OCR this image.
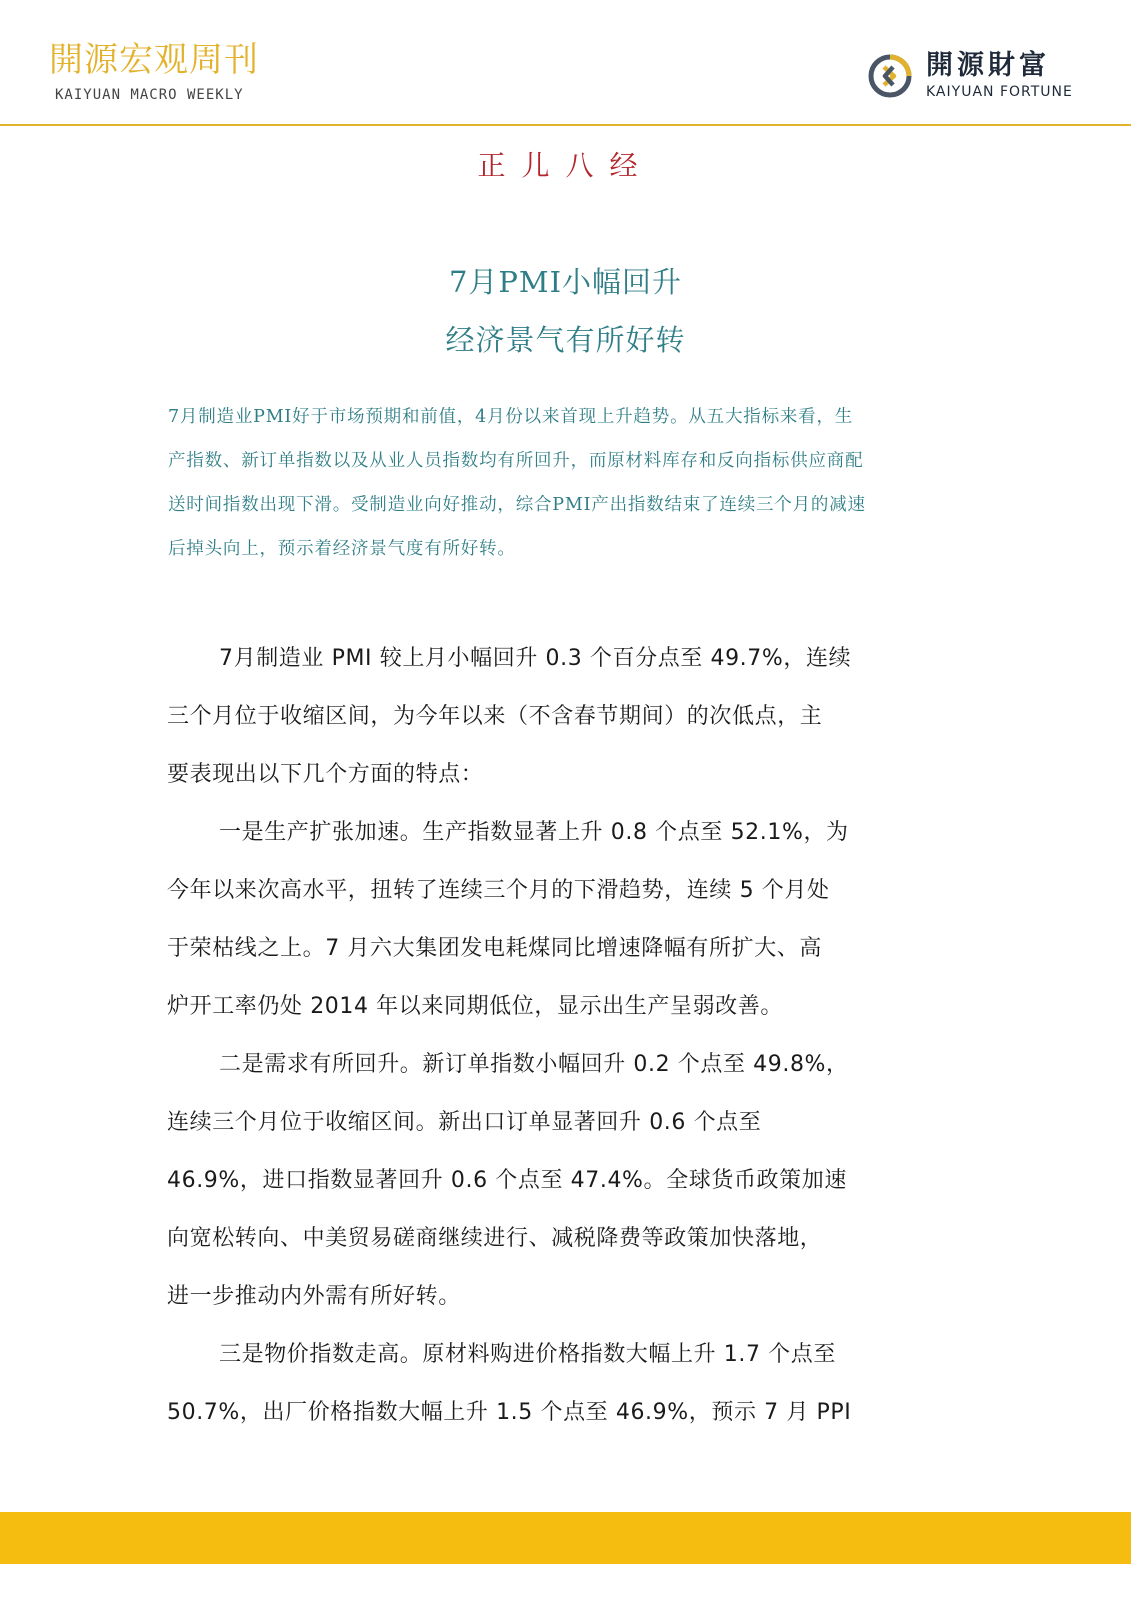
開源宏观周刊
KAIYUAN MACRO WEEKLY
開源財富
KAIYUAN FORTUNE
正儿八经
7月PMI小幅回升
经济景气有所好转
7月制造业PMI好于市场预期和前值，4月份以来首现上升趋势。从五大指标来看，生
产指数、新订单指数以及从业人员指数均有所回升，而原材料库存和反向指标供应商配
送时间指数出现下滑。受制造业向好推动，综合PMI产出指数结束了连续三个月的减速
后掉头向上，预示着经济景气度有所好转。
7月制造业 PMI 较上月小幅回升 0.3 个百分点至 49.7%，连续
三个月位于收缩区间，为今年以来（不含春节期间）的次低点，主
要表现出以下几个方面的特点：
一是生产扩张加速。生产指数显著上升 0.8 个点至 52.1%，为
今年以来次高水平，扭转了连续三个月的下滑趋势，连续 5 个月处
于荣枯线之上。7 月六大集团发电耗煤同比增速降幅有所扩大、高
炉开工率仍处 2014 年以来同期低位，显示出生产呈弱改善。
二是需求有所回升。新订单指数小幅回升 0.2 个点至 49.8%，
连续三个月位于收缩区间。新出口订单显著回升 0.6 个点至
46.9%，进口指数显著回升 0.6 个点至 47.4%。全球货币政策加速
向宽松转向、中美贸易磋商继续进行、减税降费等政策加快落地，
进一步推动内外需有所好转。
三是物价指数走高。原材料购进价格指数大幅上升 1.7 个点至
50.7%，出厂价格指数大幅上升 1.5 个点至 46.9%，预示 7 月 PPI
